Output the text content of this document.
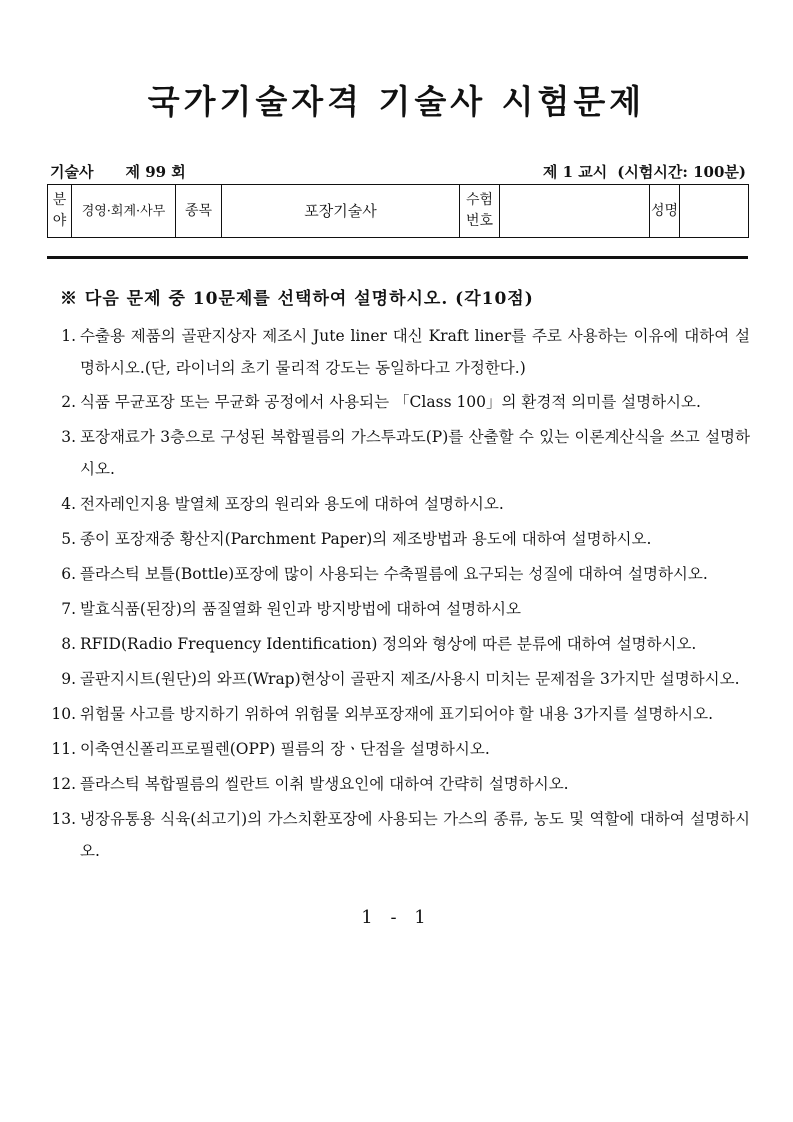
국가기술자격 기술사 시험문제
기술사 제 99 회	제 1 교시 (시험시간: 100분)
분야	경영·회계·사무	종목	포장기술사	수험번호		성명	
※ 다음 문제 중 10문제를 선택하여 설명하시오. (각10점)
1. 수출용 제품의 골판지상자 제조시 Jute liner 대신 Kraft liner를 주로 사용하는 이유에 대하여 설명하시오.(단, 라이너의 초기 물리적 강도는 동일하다고 가정한다.)
2. 식품 무균포장 또는 무균화 공정에서 사용되는 「Class 100」의 환경적 의미를 설명하시오.
3. 포장재료가 3층으로 구성된 복합필름의 가스투과도(P)를 산출할 수 있는 이론계산식을 쓰고 설명하시오.
4. 전자레인지용 발열체 포장의 원리와 용도에 대하여 설명하시오.
5. 종이 포장재중 황산지(Parchment Paper)의 제조방법과 용도에 대하여 설명하시오.
6. 플라스틱 보틀(Bottle)포장에 많이 사용되는 수축필름에 요구되는 성질에 대하여 설명하시오.
7. 발효식품(된장)의 품질열화 원인과 방지방법에 대하여 설명하시오
8. RFID(Radio Frequency Identification) 정의와 형상에 따른 분류에 대하여 설명하시오.
9. 골판지시트(원단)의 와프(Wrap)현상이 골판지 제조/사용시 미치는 문제점을 3가지만 설명하시오.
10. 위험물 사고를 방지하기 위하여 위험물 외부포장재에 표기되어야 할 내용 3가지를 설명하시오.
11. 이축연신폴리프로필렌(OPP) 필름의 장ㆍ단점을 설명하시오.
12. 플라스틱 복합필름의 씰란트 이취 발생요인에 대하여 간략히 설명하시오.
13. 냉장유통용 식육(쇠고기)의 가스치환포장에 사용되는 가스의 종류, 농도 및 역할에 대하여 설명하시오.
1 - 1
